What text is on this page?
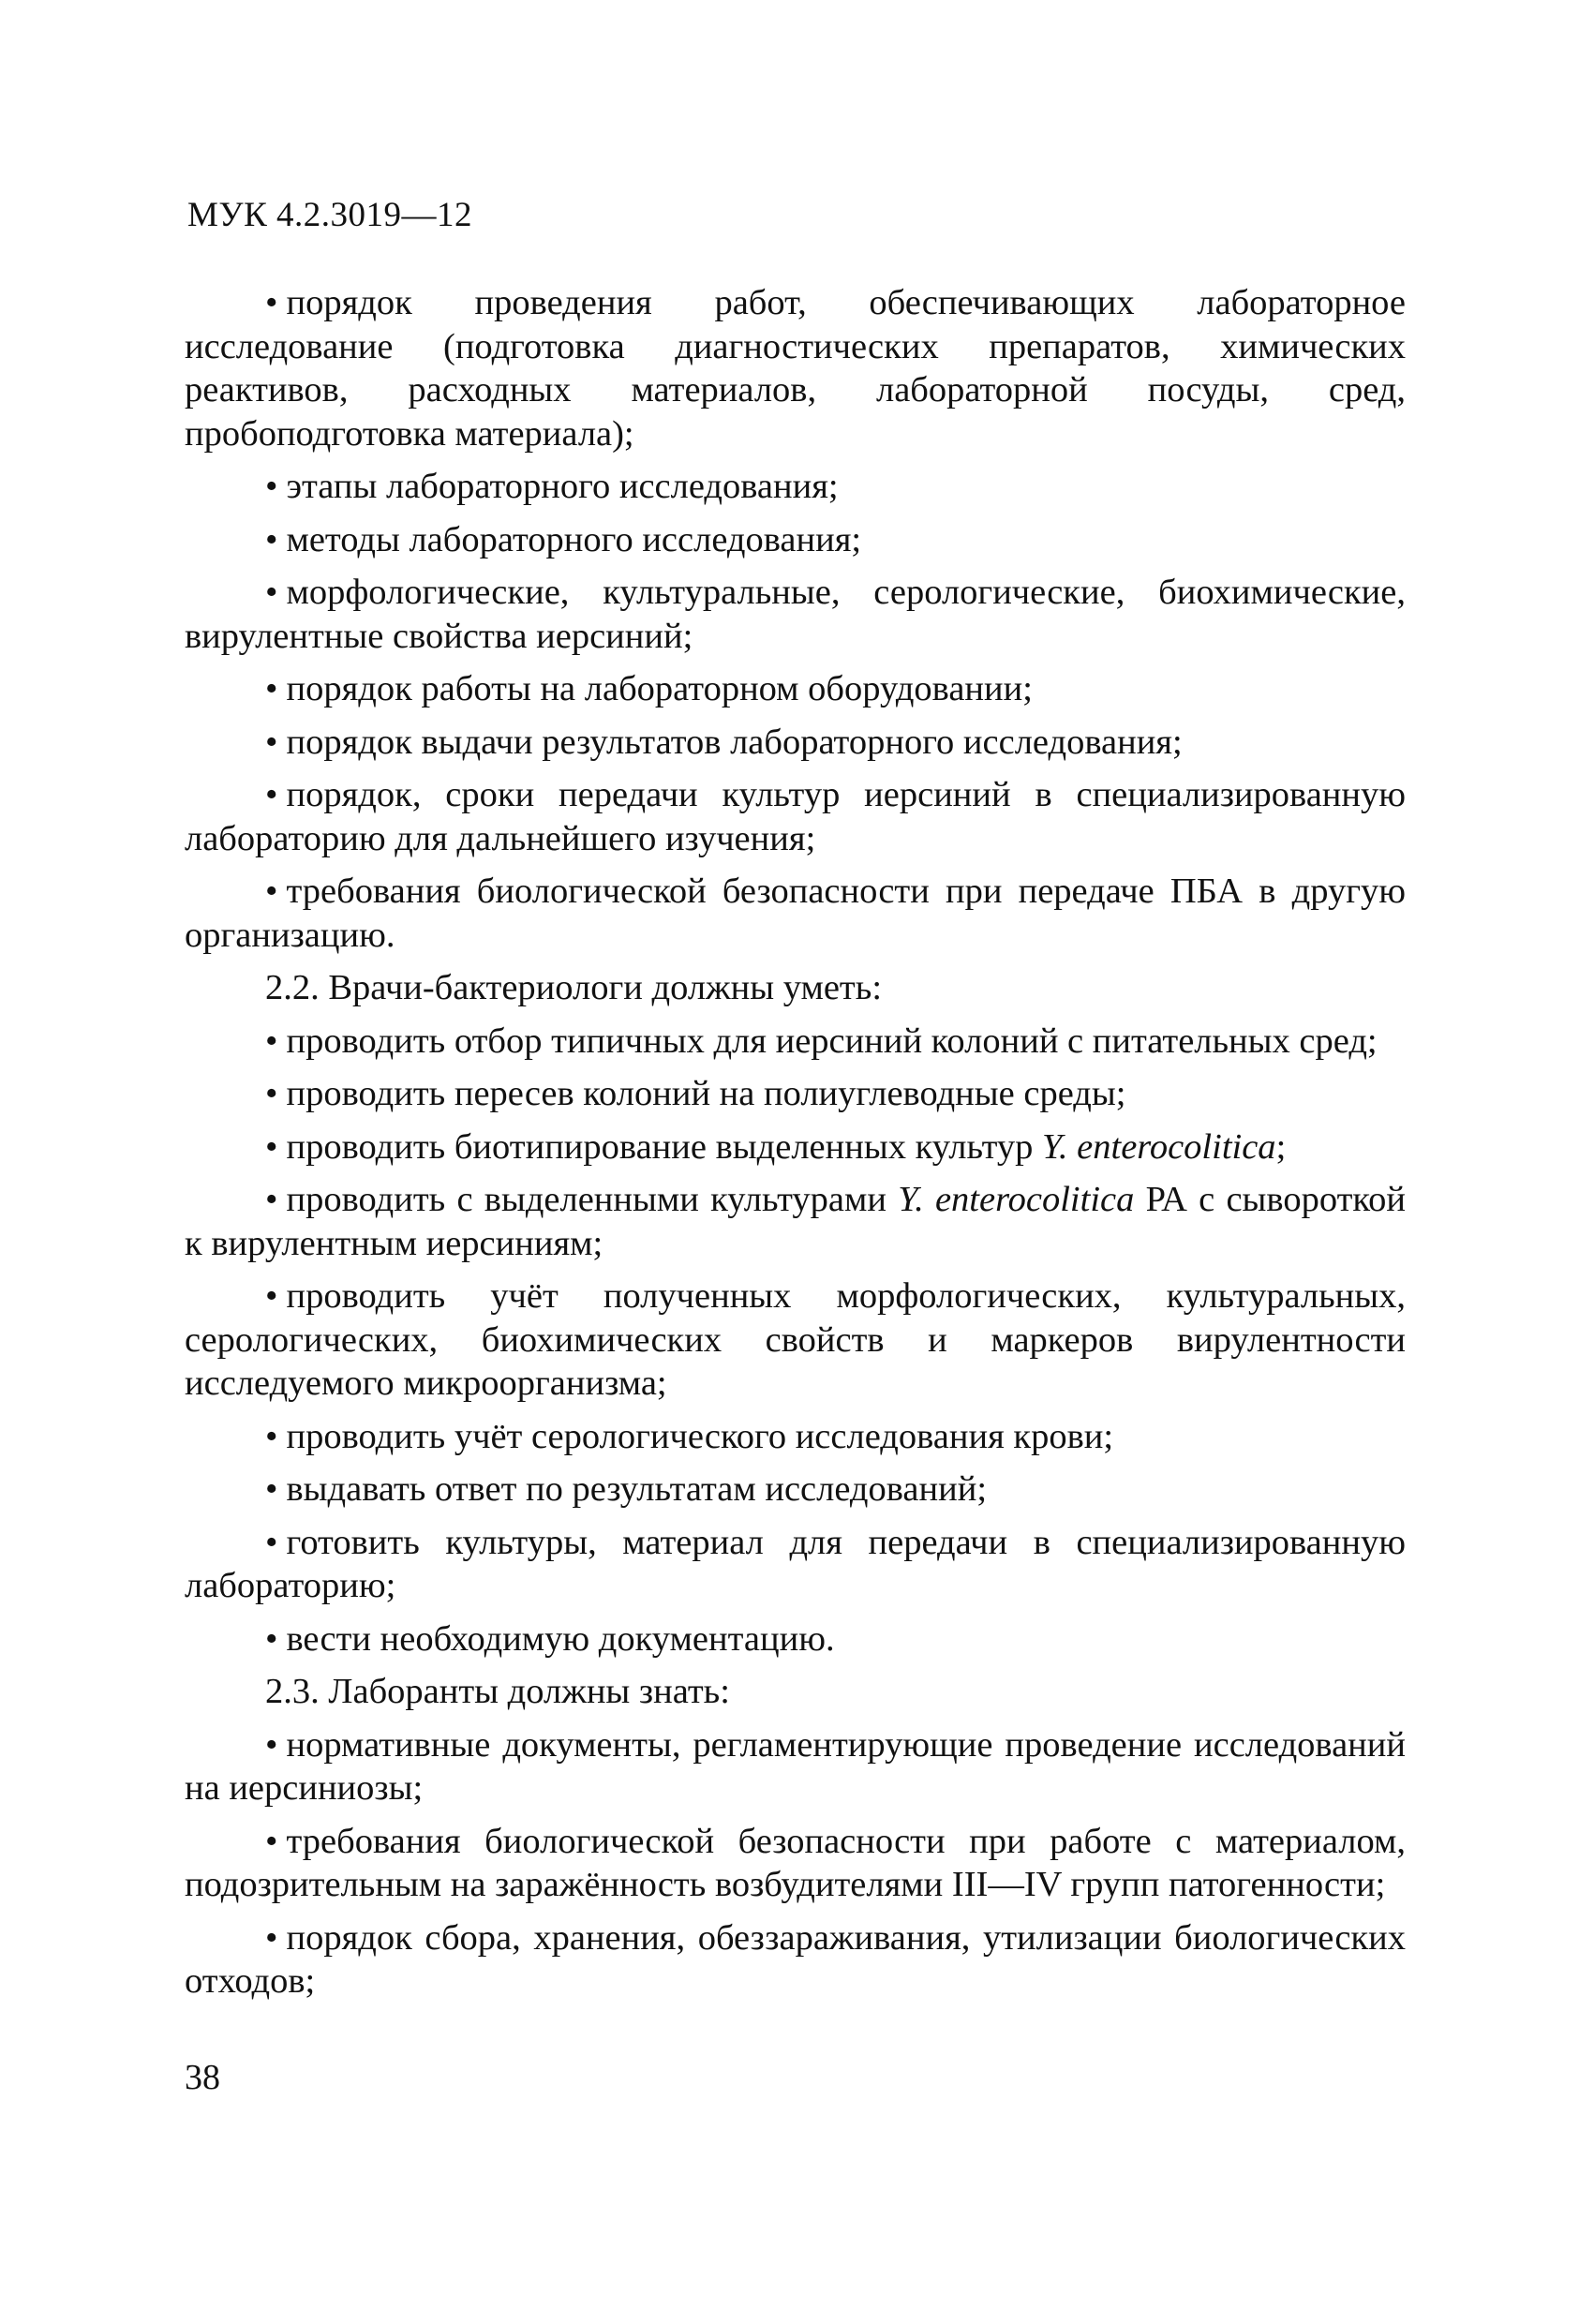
МУК 4.2.3019—12

• порядок проведения работ, обеспечивающих лабораторное исследование (подготовка диагностических препаратов, химических реактивов, расходных материалов, лабораторной посуды, сред, пробоподготовка материала);

• этапы лабораторного исследования;

• методы лабораторного исследования;

• морфологические, культуральные, серологические, биохимические, вирулентные свойства иерсиний;

• порядок работы на лабораторном оборудовании;

• порядок выдачи результатов лабораторного исследования;

• порядок, сроки передачи культур иерсиний в специализированную лабораторию для дальнейшего изучения;

• требования биологической безопасности при передаче ПБА в другую организацию.

2.2. Врачи-бактериологи должны уметь:

• проводить отбор типичных для иерсиний колоний с питательных сред;

• проводить пересев колоний на полиуглеводные среды;

• проводить биотипирование выделенных культур Y. enterocolitica;

• проводить с выделенными культурами Y. enterocolitica РА с сывороткой к вирулентным иерсиниям;

• проводить учёт полученных морфологических, культуральных, серологических, биохимических свойств и маркеров вирулентности исследуемого микроорганизма;

• проводить учёт серологического исследования крови;

• выдавать ответ по результатам исследований;

• готовить культуры, материал для передачи в специализированную лабораторию;

• вести необходимую документацию.

2.3. Лаборанты должны знать:

• нормативные документы, регламентирующие проведение исследований на иерсиниозы;

• требования биологической безопасности при работе с материалом, подозрительным на заражённость возбудителями III—IV групп патогенности;

• порядок сбора, хранения, обеззараживания, утилизации биологических отходов;

38
